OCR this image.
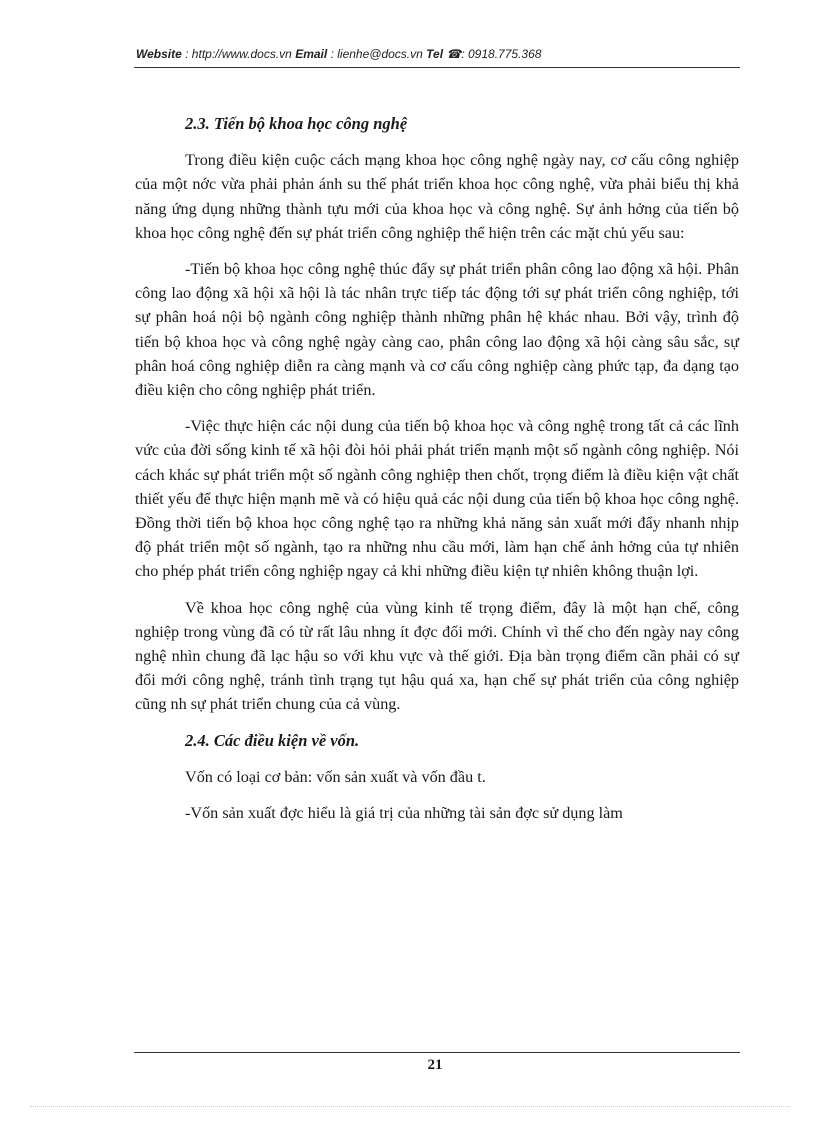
Website : http://www.docs.vn Email : lienhe@docs.vn Tel ☎: 0918.775.368

2.3. Tiến bộ khoa học công nghệ

Trong điều kiện cuộc cách mạng khoa học công nghệ ngày nay, cơ cấu công nghiệp của một nớc vừa phải phản ánh su thế phát triển khoa học công nghệ, vừa phải biểu thị khả năng ứng dụng những thành tựu mới của khoa học và công nghệ. Sự ảnh hởng của tiến bộ khoa học công nghệ đến sự phát triển công nghiệp thể hiện trên các mặt chủ yếu sau:

-Tiến bộ khoa học công nghệ thúc đẩy sự phát triển phân công lao động xã hội. Phân công lao động xã hội xã hội là tác nhân trực tiếp tác động tới sự phát triển công nghiệp, tới sự phân hoá nội bộ ngành công nghiệp thành những phân hệ khác nhau. Bởi vậy, trình độ tiến bộ khoa học và công nghệ ngày càng cao, phân công lao động xã hội càng sâu sắc, sự phân hoá công nghiệp diễn ra càng mạnh và cơ cấu công nghiệp càng phức tạp, đa dạng tạo điều kiện cho công nghiệp phát triển.

-Việc thực hiện các nội dung của tiến bộ khoa học và công nghệ trong tất cả các lĩnh vức của đời sống kinh tế xã hội đòi hỏi phải phát triển mạnh một số ngành công nghiệp. Nói cách khác sự phát triển một số ngành công nghiệp then chốt, trọng điểm là điều kiện vật chất thiết yếu để thực hiện mạnh mẽ và có hiệu quả các nội dung của tiến bộ khoa học công nghệ. Đồng thời tiến bộ khoa học công nghệ tạo ra những khả năng sản xuất mới đẩy nhanh nhịp độ phát triển một số ngành, tạo ra những nhu cầu mới, làm hạn chế ảnh hởng của tự nhiên cho phép phát triển công nghiệp ngay cả khi những điều kiện tự nhiên không thuận lợi.

Về khoa học công nghệ của vùng kinh tế trọng điểm, đây là một hạn chế, công nghiệp trong vùng đã có từ rất lâu nhng ít đợc đổi mới. Chính vì thế cho đến ngày nay công nghệ nhìn chung đã lạc hậu so với khu vực và thế giới. Địa bàn trọng điểm cần phải có sự đổi mới công nghệ, tránh tình trạng tụt hậu quá xa, hạn chế sự phát triển của công nghiệp cũng nh sự phát triển chung của cả vùng.

2.4. Các điều kiện về vốn.

Vốn có loại cơ bản: vốn sản xuất và vốn đầu t.

-Vốn sản xuất đợc hiểu là giá trị của những tài sản đợc sử dụng làm

21
